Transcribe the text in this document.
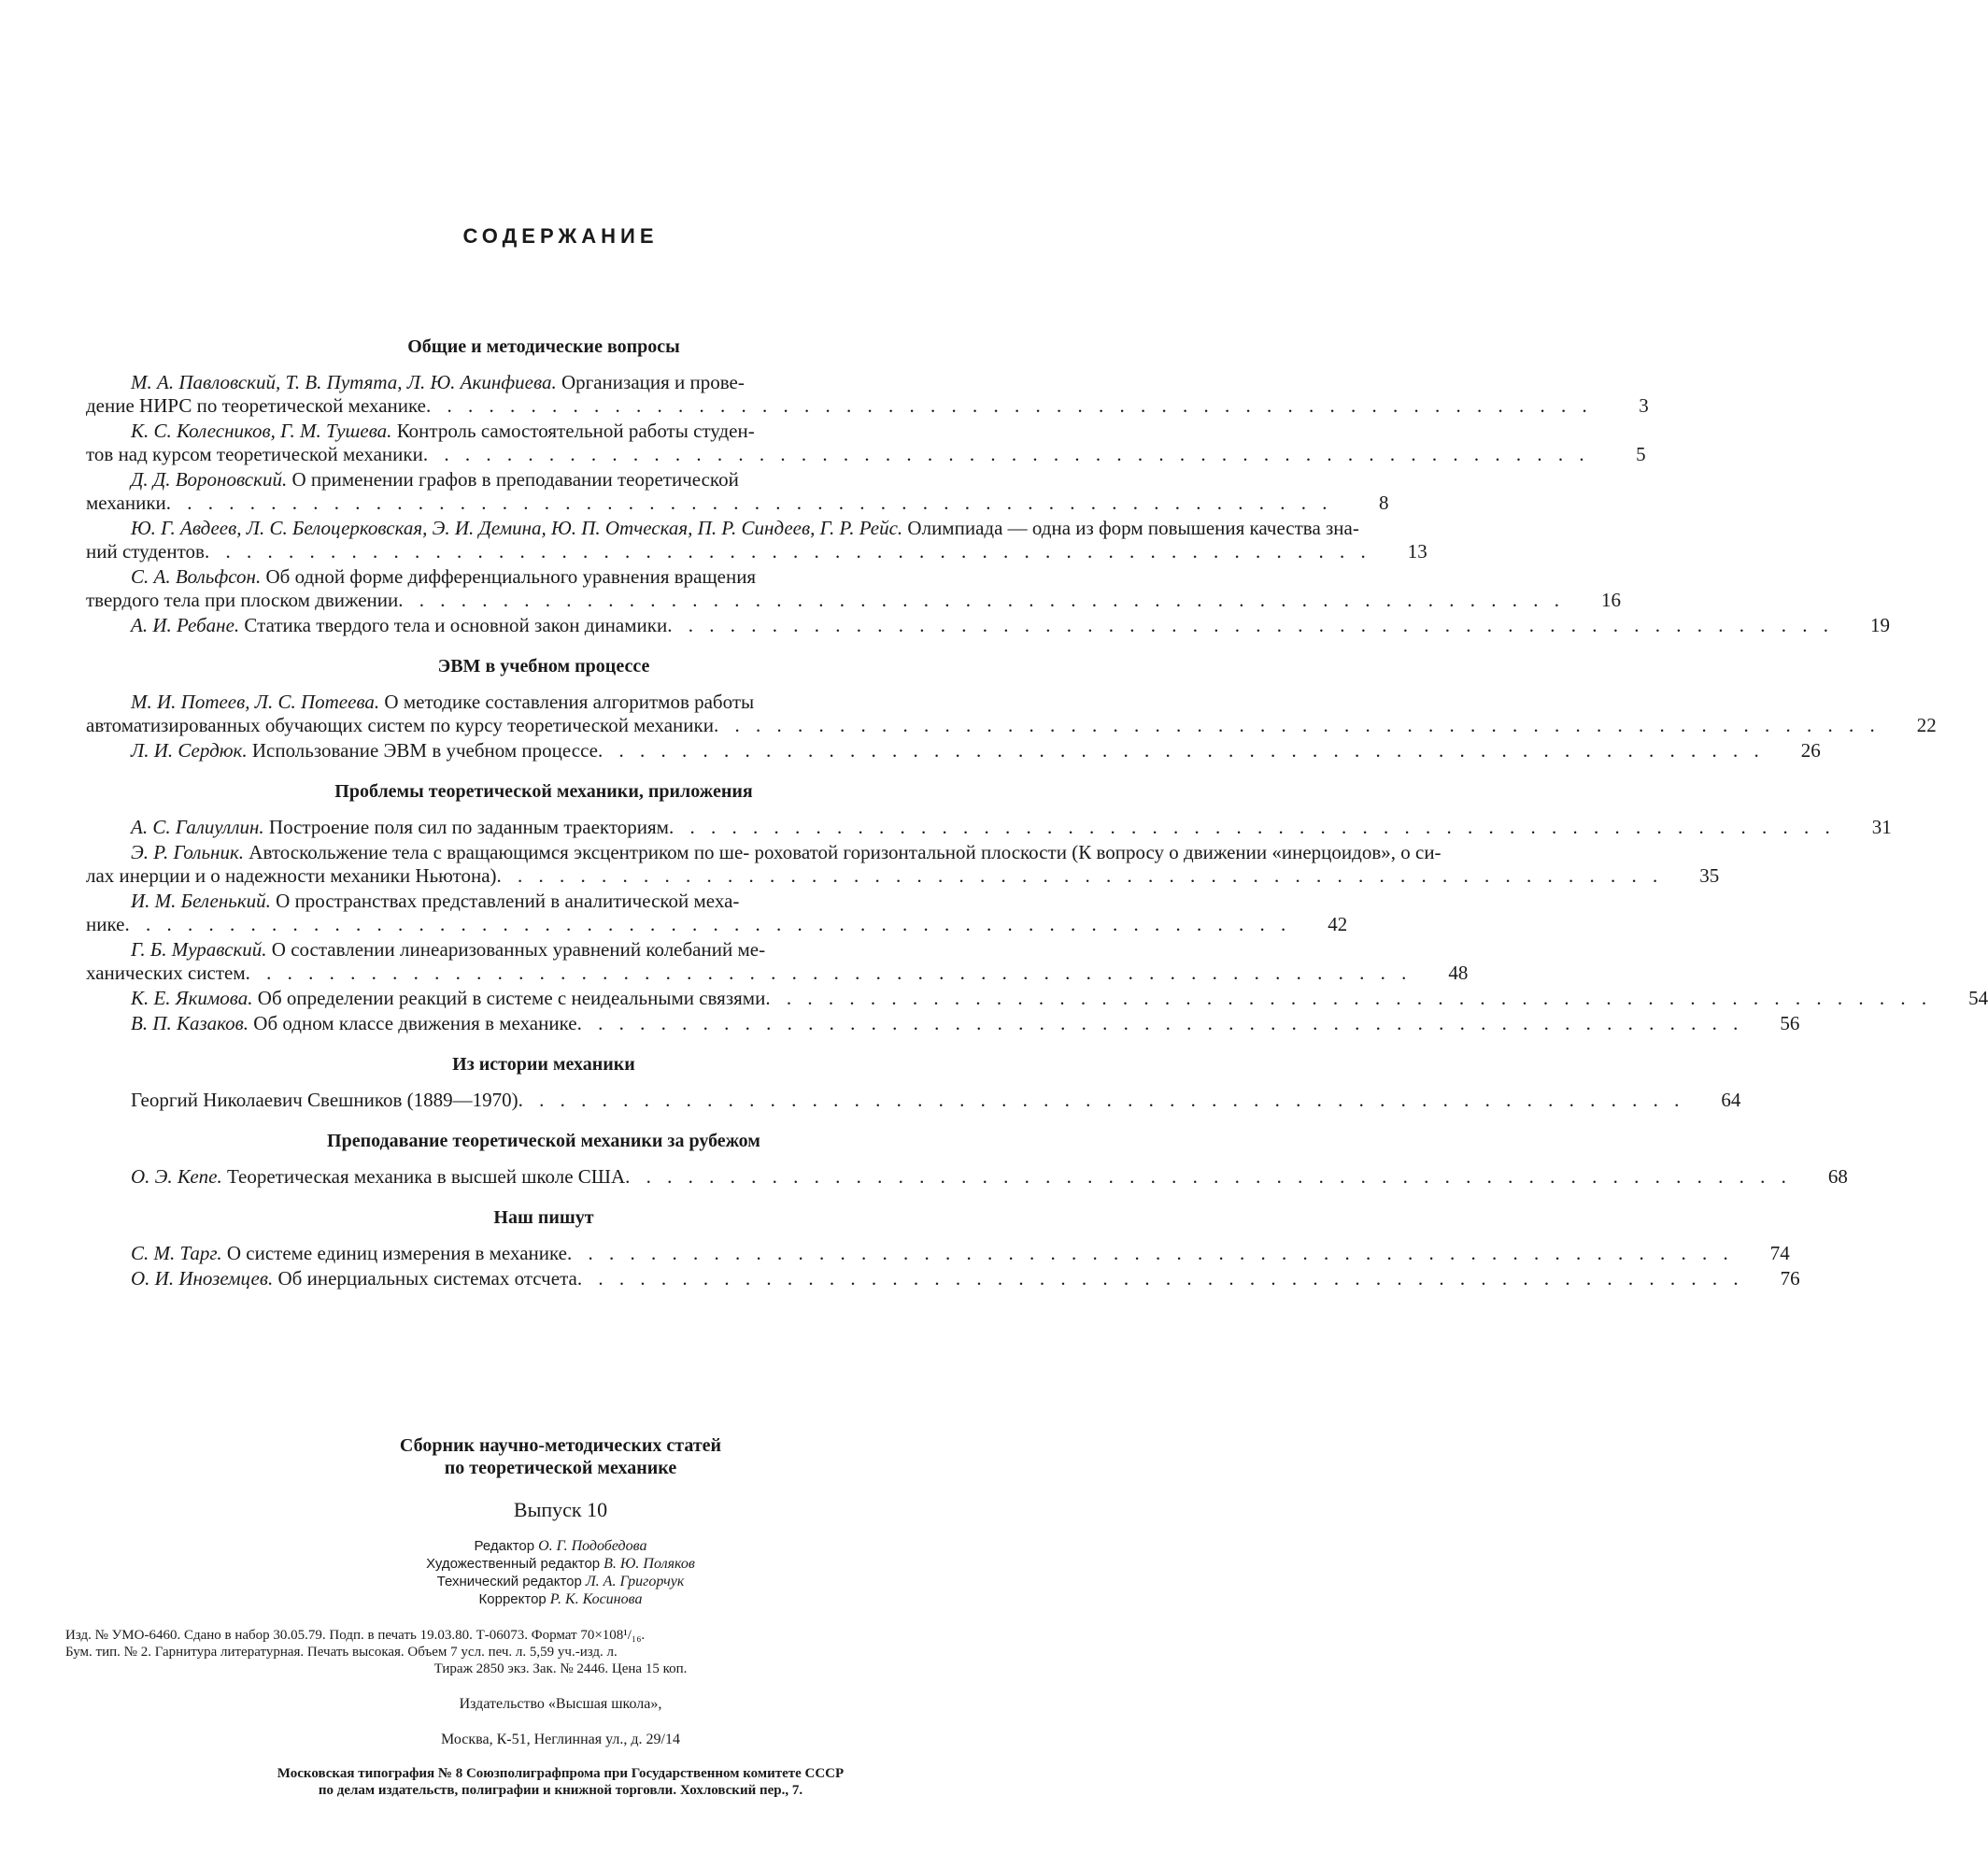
СОДЕРЖАНИЕ
Общие и методические вопросы
М. А. Павловский, Т. В. Путята, Л. Ю. Акинфиева. Организация и прове-
дение НИРС по теоретической механике . . . . . . . . . . . . . . . . . . . . . . . . . . . . . . . . . . . . . . . . . . . . . . . . . . . . . . . .	3
К. С. Колесников, Г. М. Тушева. Контроль самостоятельной работы студен-
тов над курсом теоретической механики . . . . . . . . . . . . . . . . . . . . . . . . . . . . . . . . . . . . . . . . . . . . . . . . . . . . . . . .	5
Д. Д. Вороновский. О применении графов в преподавании теоретической
механики . . . . . . . . . . . . . . . . . . . . . . . . . . . . . . . . . . . . . . . . . . . . . . . . . . . . . . . .	8
Ю. Г. Авдеев, Л. С. Белоцерковская, Э. И. Демина, Ю. П. Отческая, П. Р. Синдеев, Г. Р. Рейс. Олимпиада — одна из форм повышения качества зна-
ний студентов . . . . . . . . . . . . . . . . . . . . . . . . . . . . . . . . . . . . . . . . . . . . . . . . . . . . . . . .	13
С. А. Вольфсон. Об одной форме дифференциального уравнения вращения
твердого тела при плоском движении . . . . . . . . . . . . . . . . . . . . . . . . . . . . . . . . . . . . . . . . . . . . . . . . . . . . . . . .	16
А. И. Ребане. Статика твердого тела и основной закон динамики . . . . . . . . . . . . . . . . . . . . . . . . . . . . . . . . . . . . . . . . . . . . . . . . . . . . . . . .	19
ЭВМ в учебном процессе
М. И. Потеев, Л. С. Потеева. О методике составления алгоритмов работы
автоматизированных обучающих систем по курсу теоретической механики . . . . . . . . . . . . . . . . . . . . . . . . . . . . . . . . . . . . . . . . . . . . . . . . . . . . . . . .	22
Л. И. Сердюк. Использование ЭВМ в учебном процессе . . . . . . . . . . . . . . . . . . . . . . . . . . . . . . . . . . . . . . . . . . . . . . . . . . . . . . . .	26
Проблемы теоретической механики, приложения
А. С. Галиуллин. Построение поля сил по заданным траекториям . . . . . . . . . . . . . . . . . . . . . . . . . . . . . . . . . . . . . . . . . . . . . . . . . . . . . . . .	31
Э. Р. Гольник. Автоскольжение тела с вращающимся эксцентриком по ше- роховатой горизонтальной плоскости (К вопросу о движении «инерцоидов», о си-
лах инерции и о надежности механики Ньютона) . . . . . . . . . . . . . . . . . . . . . . . . . . . . . . . . . . . . . . . . . . . . . . . . . . . . . . . .	35
И. М. Беленький. О пространствах представлений в аналитической меха-
нике . . . . . . . . . . . . . . . . . . . . . . . . . . . . . . . . . . . . . . . . . . . . . . . . . . . . . . . .	42
Г. Б. Муравский. О составлении линеаризованных уравнений колебаний ме-
ханических систем . . . . . . . . . . . . . . . . . . . . . . . . . . . . . . . . . . . . . . . . . . . . . . . . . . . . . . . .	48
К. Е. Якимова. Об определении реакций в системе с неидеальными связями . . . . . . . . . . . . . . . . . . . . . . . . . . . . . . . . . . . . . . . . . . . . . . . . . . . . . . . .	54
В. П. Казаков. Об одном классе движения в механике . . . . . . . . . . . . . . . . . . . . . . . . . . . . . . . . . . . . . . . . . . . . . . . . . . . . . . . .	56
Из истории механики
Георгий Николаевич Свешников (1889—1970) . . . . . . . . . . . . . . . . . . . . . . . . . . . . . . . . . . . . . . . . . . . . . . . . . . . . . . . .	64
Преподавание теоретической механики за рубежом
О. Э. Кепе. Теоретическая механика в высшей школе США . . . . . . . . . . . . . . . . . . . . . . . . . . . . . . . . . . . . . . . . . . . . . . . . . . . . . . . .	68
Наш пишут
С. М. Тарг. О системе единиц измерения в механике . . . . . . . . . . . . . . . . . . . . . . . . . . . . . . . . . . . . . . . . . . . . . . . . . . . . . . . .	74
О. И. Иноземцев. Об инерциальных системах отсчета . . . . . . . . . . . . . . . . . . . . . . . . . . . . . . . . . . . . . . . . . . . . . . . . . . . . . . . .	76
Сборник научно-методических статей
по теоретической механике
Выпуск 10
Редактор О. Г. Подобедова
Художественный редактор В. Ю. Поляков
Технический редактор Л. А. Григорчук
Корректор Р. К. Косинова
Изд. № УМО-6460. Сдано в набор 30.05.79. Подп. в печать 19.03.80. Т-06073. Формат 70×108¹/₁₆.
Бум. тип. № 2. Гарнитура литературная. Печать высокая. Объем 7 усл. печ. л. 5,59 уч.-изд. л.
Тираж 2850 экз. Зак. № 2446. Цена 15 коп.
Издательство «Высшая школа»,
Москва, К-51, Неглинная ул., д. 29/14
Московская типография № 8 Союзполиграфпрома при Государственном комитете СССР
по делам издательств, полиграфии и книжной торговли. Хохловский пер., 7.
